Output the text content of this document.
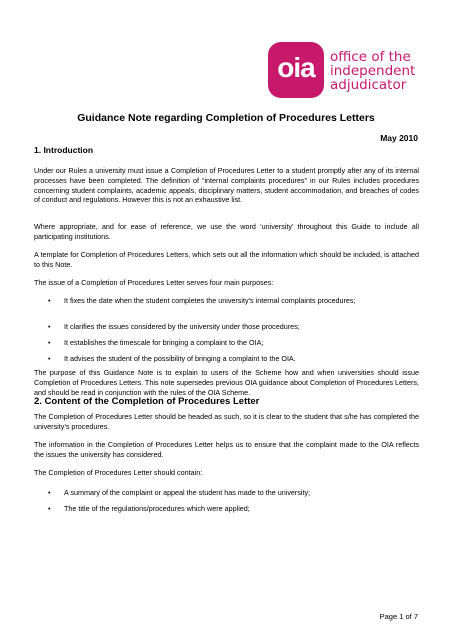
oia office of the
independent
adjudicator
Guidance Note regarding Completion of Procedures Letters
May 2010
1. Introduction
Under our Rules a university must issue a Completion of Procedures Letter to a student promptly after any of its internal processes have been completed. The definition of “internal complaints procedures” in our Rules includes procedures concerning student complaints, academic appeals, disciplinary matters, student accommodation, and breaches of codes of conduct and regulations. However this is not an exhaustive list.
Where appropriate, and for ease of reference, we use the word ‘university’ throughout this Guide to include all participating institutions.
A template for Completion of Procedures Letters, which sets out all the information which should be included, is attached to this Note.
The issue of a Completion of Procedures Letter serves four main purposes:
• It fixes the date when the student completes the university’s internal complaints procedures;
• It clarifies the issues considered by the university under those procedures;
• It establishes the timescale for bringing a complaint to the OIA;
• It advises the student of the possibility of bringing a complaint to the OIA.
The purpose of this Guidance Note is to explain to users of the Scheme how and when universities should issue Completion of Procedures Letters. This note supersedes previous OIA guidance about Completion of Procedures Letters, and should be read in conjunction with the rules of the OIA Scheme.
2. Content of the Completion of Procedures Letter
The Completion of Procedures Letter should be headed as such, so it is clear to the student that s/he has completed the university’s procedures.
The information in the Completion of Procedures Letter helps us to ensure that the complaint made to the OIA reflects the issues the university has considered.
The Completion of Procedures Letter should contain:
• A summary of the complaint or appeal the student has made to the university;
• The title of the regulations/procedures which were applied;
Page 1 of 7
